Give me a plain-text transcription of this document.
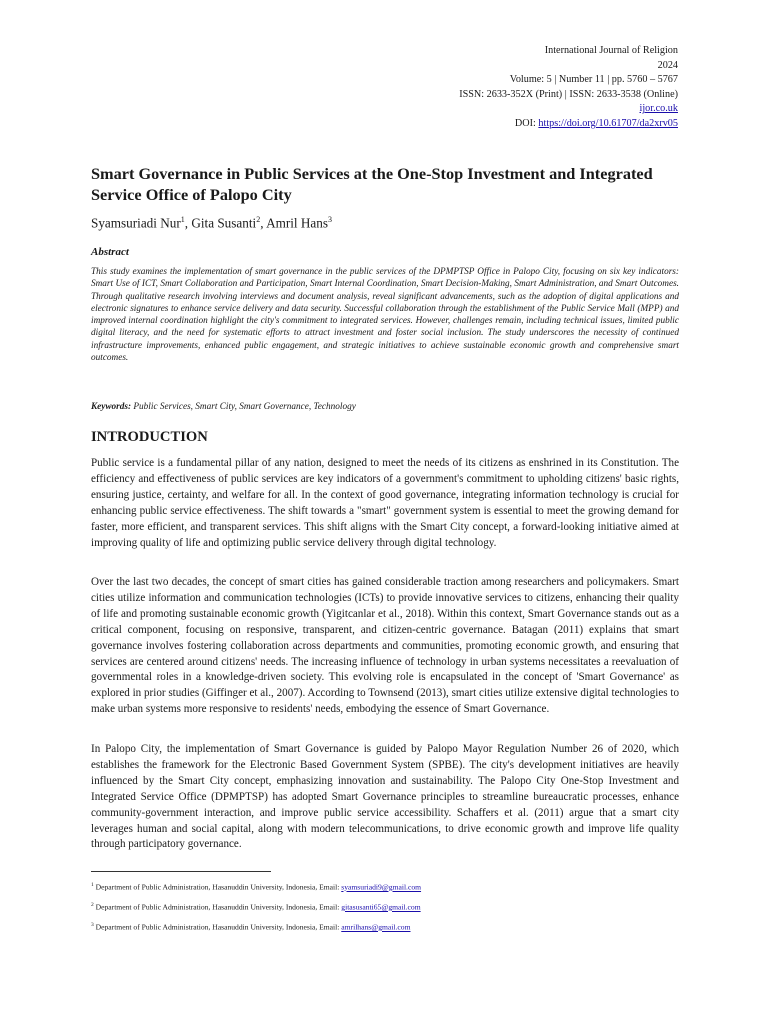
International Journal of Religion
2024
Volume: 5 | Number 11 | pp. 5760 – 5767
ISSN: 2633-352X (Print) | ISSN: 2633-3538 (Online)
ijor.co.uk
DOI: https://doi.org/10.61707/da2xrv05
Smart Governance in Public Services at the One-Stop Investment and Integrated Service Office of Palopo City
Syamsuriadi Nur$^1$, Gita Susanti$^2$, Amril Hans$^3$
Abstract

This study examines the implementation of smart governance in the public services of the DPMPTSP Office in Palopo City, focusing on six key indicators: Smart Use of ICT, Smart Collaboration and Participation, Smart Internal Coordination, Smart Decision-Making, Smart Administration, and Smart Outcomes. Through qualitative research involving interviews and document analysis, reveal significant advancements, such as the adoption of digital applications and electronic signatures to enhance service delivery and data security. Successful collaboration through the establishment of the Public Service Mall (MPP) and improved internal coordination highlight the city's commitment to integrated services. However, challenges remain, including technical issues, limited public digital literacy, and the need for systematic efforts to attract investment and foster social inclusion. The study underscores the necessity of continued infrastructure improvements, enhanced public engagement, and strategic initiatives to achieve sustainable economic growth and comprehensive smart outcomes.

Keywords: Public Services, Smart City, Smart Governance, Technology
INTRODUCTION

Public service is a fundamental pillar of any nation, designed to meet the needs of its citizens as enshrined in its Constitution. The efficiency and effectiveness of public services are key indicators of a government's commitment to upholding citizens' basic rights, ensuring justice, certainty, and welfare for all. In the context of good governance, integrating information technology is crucial for enhancing public service effectiveness. The shift towards a "smart" government system is essential to meet the growing demand for faster, more efficient, and transparent services. This shift aligns with the Smart City concept, a forward-looking initiative aimed at improving quality of life and optimizing public service delivery through digital technology.

Over the last two decades, the concept of smart cities has gained considerable traction among researchers and policymakers. Smart cities utilize information and communication technologies (ICTs) to provide innovative services to citizens, enhancing their quality of life and promoting sustainable economic growth (Yigitcanlar et al., 2018). Within this context, Smart Governance stands out as a critical component, focusing on responsive, transparent, and citizen-centric governance. Batagan (2011) explains that smart governance involves fostering collaboration across departments and communities, promoting economic growth, and ensuring that services are centered around citizens' needs. The increasing influence of technology in urban systems necessitates a reevaluation of governmental roles in a knowledge-driven society. This evolving role is encapsulated in the concept of 'Smart Governance' as explored in prior studies (Giffinger et al., 2007). According to Townsend (2013), smart cities utilize extensive digital technologies to make urban systems more responsive to residents' needs, embodying the essence of Smart Governance.

In Palopo City, the implementation of Smart Governance is guided by Palopo Mayor Regulation Number 26 of 2020, which establishes the framework for the Electronic Based Government System (SPBE). The city's development initiatives are heavily influenced by the Smart City concept, emphasizing innovation and sustainability. The Palopo City One-Stop Investment and Integrated Service Office (DPMPTSP) has adopted Smart Governance principles to streamline bureaucratic processes, enhance community-government interaction, and improve public service accessibility. Schaffers et al. (2011) argue that a smart city leverages human and social capital, along with modern telecommunications, to drive economic growth and improve life quality through participatory governance.

$^1$ Department of Public Administration, Hasanuddin University, Indonesia, Email: syamsuriadi9@gmail.com
$^2$ Department of Public Administration, Hasanuddin University, Indonesia, Email: gitasusanti65@gmail.com
$^3$ Department of Public Administration, Hasanuddin University, Indonesia, Email: amrilhans@gmail.com
